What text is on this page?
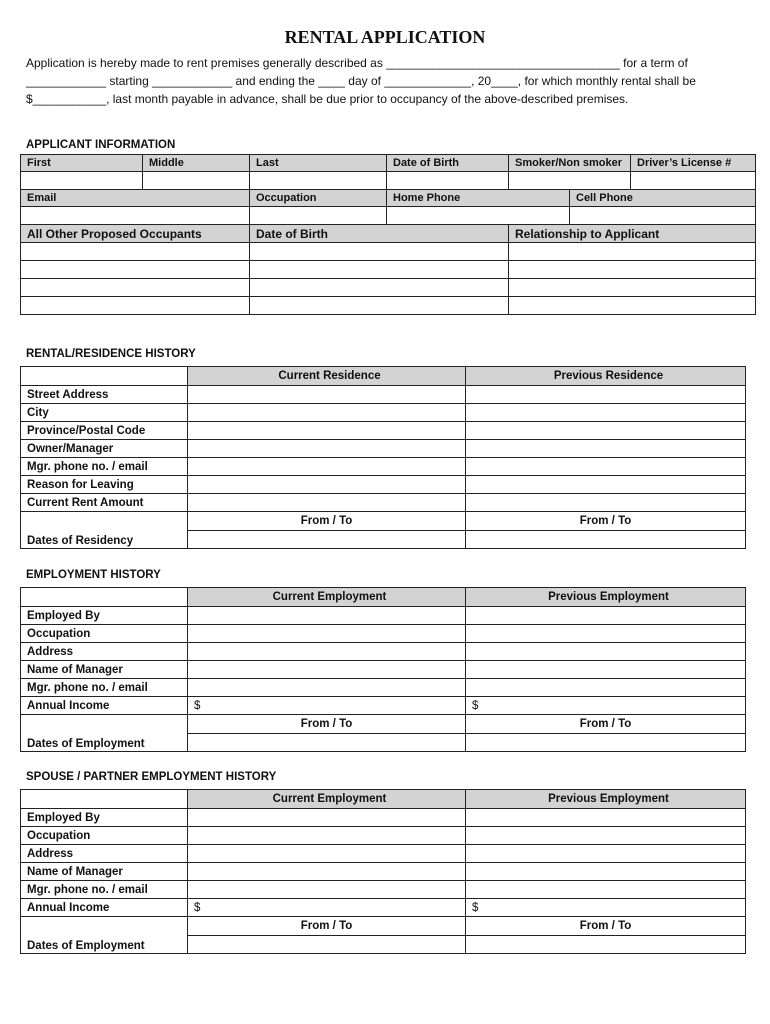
RENTAL APPLICATION
Application is hereby made to rent premises generally described as ___________________________________ for a term of
____________ starting ____________ and ending the ____ day of _____________, 20____, for which monthly rental shall be
$___________, last month payable in advance, shall be due prior to occupancy of the above-described premises.
APPLICANT INFORMATION
First	Middle	Last	Date of Birth	Smoker/Non smoker		Driver’s License #

Email		Occupation	Home Phone		Cell Phone	

All Other Proposed Occupants		Date of Birth		Relationship to Applicant		

RENTAL/RESIDENCE HISTORY
	Current Residence	Previous Residence
Street Address		
City		
Province/Postal Code		
Owner/Manager		
Mgr. phone no. / email		
Reason for Leaving		
Current Rent Amount		
Dates of Residency	From / To	From / To
EMPLOYMENT HISTORY
	Current Employment	Previous Employment
Employed By		
Occupation		
Address		
Name of Manager		
Mgr. phone no. / email		
Annual Income	$	$
Dates of Employment	From / To	From / To
SPOUSE / PARTNER EMPLOYMENT HISTORY
	Current Employment	Previous Employment
Employed By		
Occupation		
Address		
Name of Manager		
Mgr. phone no. / email		
Annual Income	$	$
Dates of Employment	From / To	From / To
